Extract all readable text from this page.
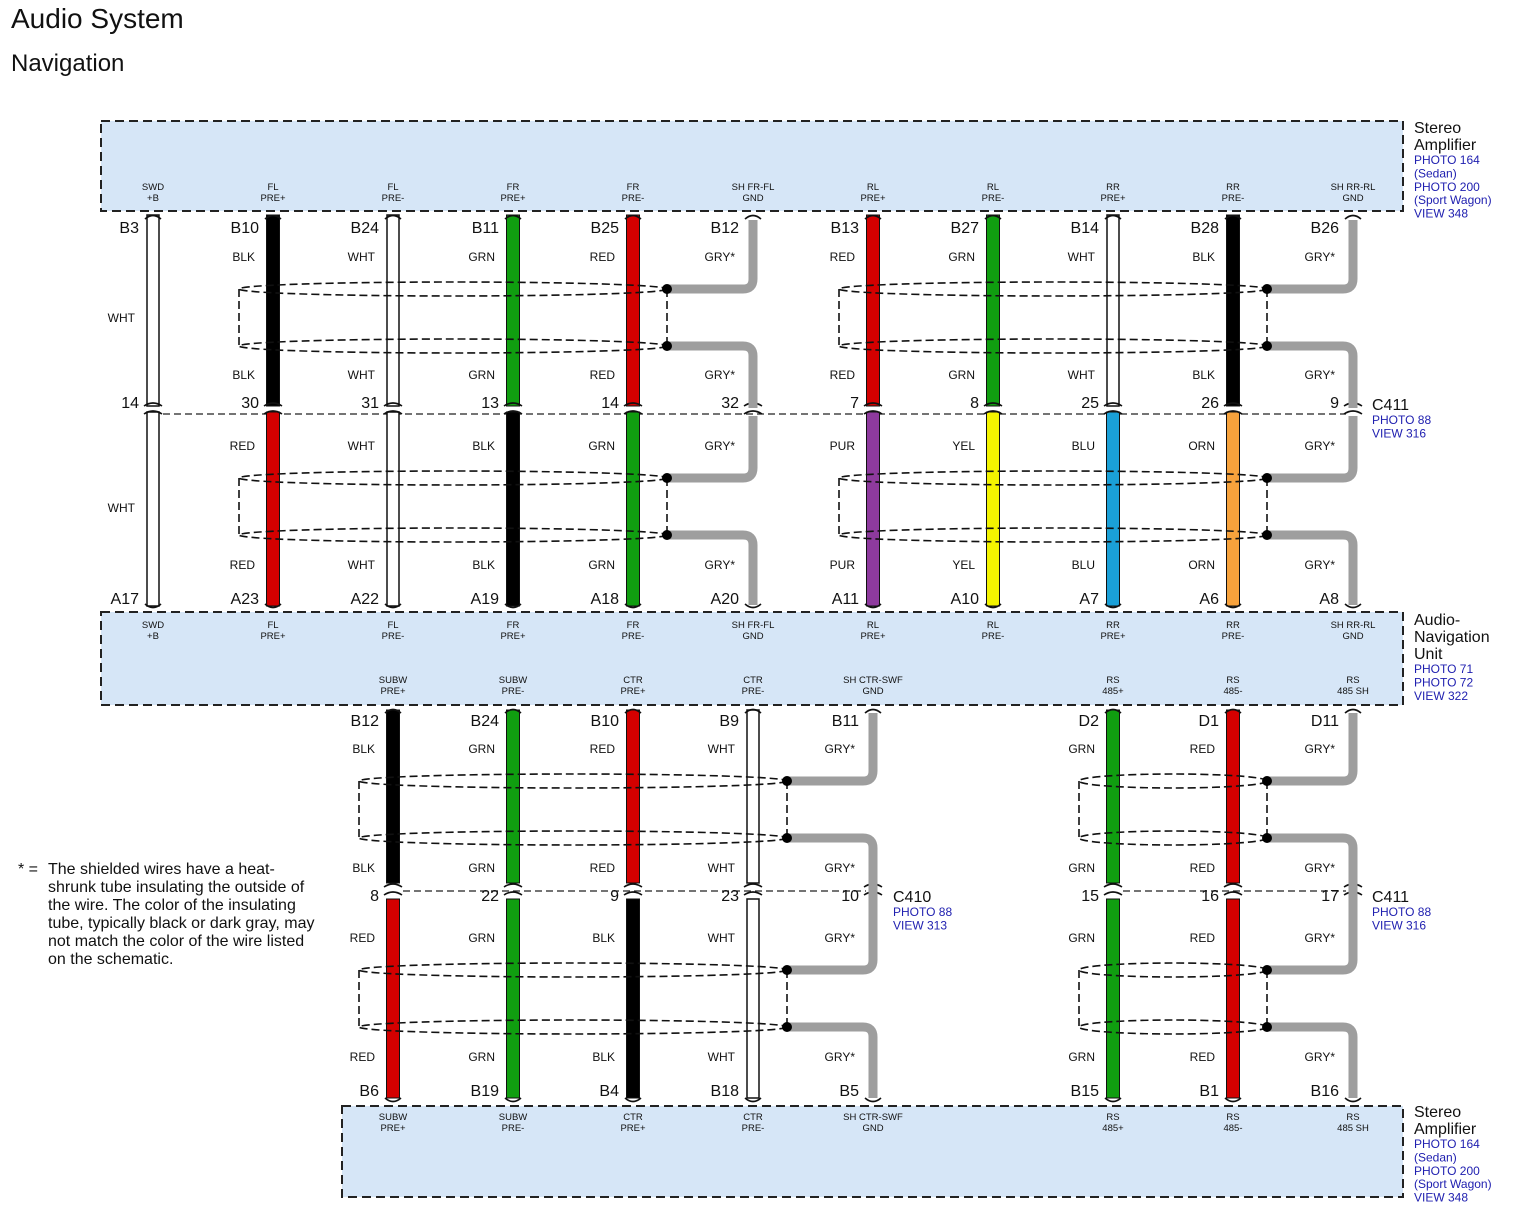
Audio System
Navigation
Stereo
Amplifier
PHOTO 164
(Sedan)
PHOTO 200
(Sport Wagon)
VIEW 348
Audio-
Navigation
Unit
PHOTO 71
PHOTO 72
VIEW 322
Stereo
Amplifier
PHOTO 164
(Sedan)
PHOTO 200
(Sport Wagon)
VIEW 348
C411
PHOTO 88
VIEW 316
C410
PHOTO 88
VIEW 313
C411
PHOTO 88
VIEW 316
SWD
+B
FL
PRE+
FL
PRE-
FR
PRE+
FR
PRE-
SH FR-FL
GND
RL
PRE+
RL
PRE-
RR
PRE+
RR
PRE-
SH RR-RL
GND
SWD
+B
FL
PRE+
FL
PRE-
FR
PRE+
FR
PRE-
SH FR-FL
GND
RL
PRE+
RL
PRE-
RR
PRE+
RR
PRE-
SH RR-RL
GND
SUBW
PRE+
SUBW
PRE+
SUBW
PRE-
SUBW
PRE-
CTR
PRE+
CTR
PRE+
CTR
PRE-
CTR
PRE-
SH CTR-SWF
GND
SH CTR-SWF
GND
RS
485+
RS
485+
RS
485-
RS
485-
RS
485 SH
RS
485 SH
B3
14
A17
WHT
WHT
B10
30
A23
BLK
BLK
RED
RED
B24
31
A22
WHT
WHT
WHT
WHT
B11
13
A19
GRN
GRN
BLK
BLK
B25
14
A18
RED
RED
GRN
GRN
B12
32
A20
GRY*
GRY*
GRY*
GRY*
B13
7
A11
RED
RED
PUR
PUR
B27
8
A10
GRN
GRN
YEL
YEL
B14
25
A7
WHT
WHT
BLU
BLU
B28
26
A6
BLK
BLK
ORN
ORN
B26
9
A8
GRY*
GRY*
GRY*
GRY*
B12
8
B6
BLK
BLK
RED
RED
B24
22
B19
GRN
GRN
GRN
GRN
B10
9
B4
RED
RED
BLK
BLK
B9
23
B18
WHT
WHT
WHT
WHT
B11
10
B5
GRY*
GRY*
GRY*
GRY*
D2
15
B15
GRN
GRN
GRN
GRN
D1
16
B1
RED
RED
RED
RED
D11
17
B16
GRY*
GRY*
GRY*
GRY*
* = The shielded wires have a heat-shrunk tube insulating the outside of the wire. The color of the insulating tube, typically black or dark gray, may not match the color of the wire listed on the schematic.
